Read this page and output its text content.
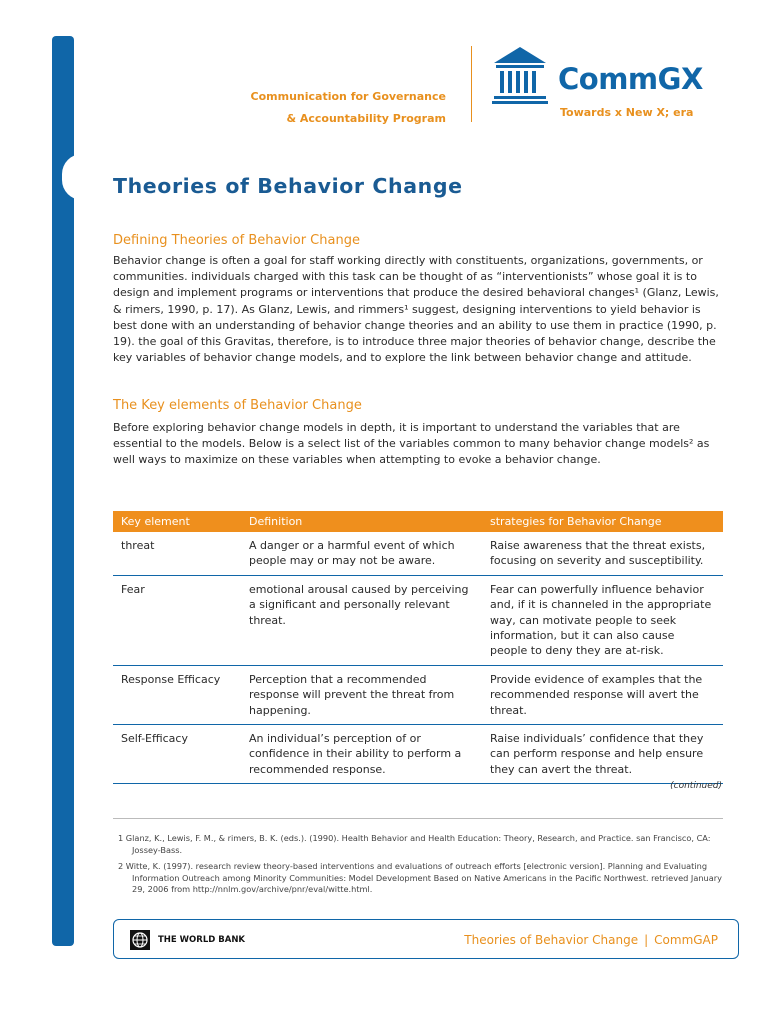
Communication for Governance
& Accountability Program
CommGX
Towards x New X; era
Theories of Behavior Change
Defining Theories of Behavior Change

Behavior change is often a goal for staff working directly with constituents, organizations, governments, or communities. individuals charged with this task can be thought of as “interventionists” whose goal it is to design and implement programs or interventions that produce the desired behavioral changes¹ (Glanz, Lewis, & rimers, 1990, p. 17). As Glanz, Lewis, and rimmers¹ suggest, designing interventions to yield behavior is best done with an understanding of behavior change theories and an ability to use them in practice (1990, p. 19). the goal of this Gravitas, therefore, is to introduce three major theories of behavior change, describe the key variables of behavior change models, and to explore the link between behavior change and attitude.

The Key elements of Behavior Change

Before exploring behavior change models in depth, it is important to understand the variables that are essential to the models. Below is a select list of the variables common to many behavior change models² as well ways to maximize on these variables when attempting to evoke a behavior change.

Key element	Definition	strategies for Behavior Change
threat	A danger or a harmful event of which people may or may not be aware.	Raise awareness that the threat exists, focusing on severity and susceptibility.
Fear	emotional arousal caused by perceiving a significant and personally relevant threat.	Fear can powerfully influence behavior and, if it is channeled in the appropriate way, can motivate people to seek information, but it can also cause people to deny they are at-risk.
Response Efficacy	Perception that a recommended response will prevent the threat from happening.	Provide evidence of examples that the recommended response will avert the threat.
Self-Efficacy	An individual’s perception of or confidence in their ability to perform a recommended response.	Raise individuals’ confidence that they can perform response and help ensure they can avert the threat.
(continued)

1 Glanz, K., Lewis, F. M., & rimers, B. K. (eds.). (1990). Health Behavior and Health Education: Theory, Research, and Practice. san Francisco, CA: Jossey-Bass.

2 Witte, K. (1997). research review theory-based interventions and evaluations of outreach efforts [electronic version]. Planning and Evaluating Information Outreach among Minority Communities: Model Development Based on Native Americans in the Pacific Northwest. retrieved January 29, 2006 from http://nnlm.gov/archive/pnr/eval/witte.html.

THE WORLD BANK	Theories of Behavior Change | CommGAP
